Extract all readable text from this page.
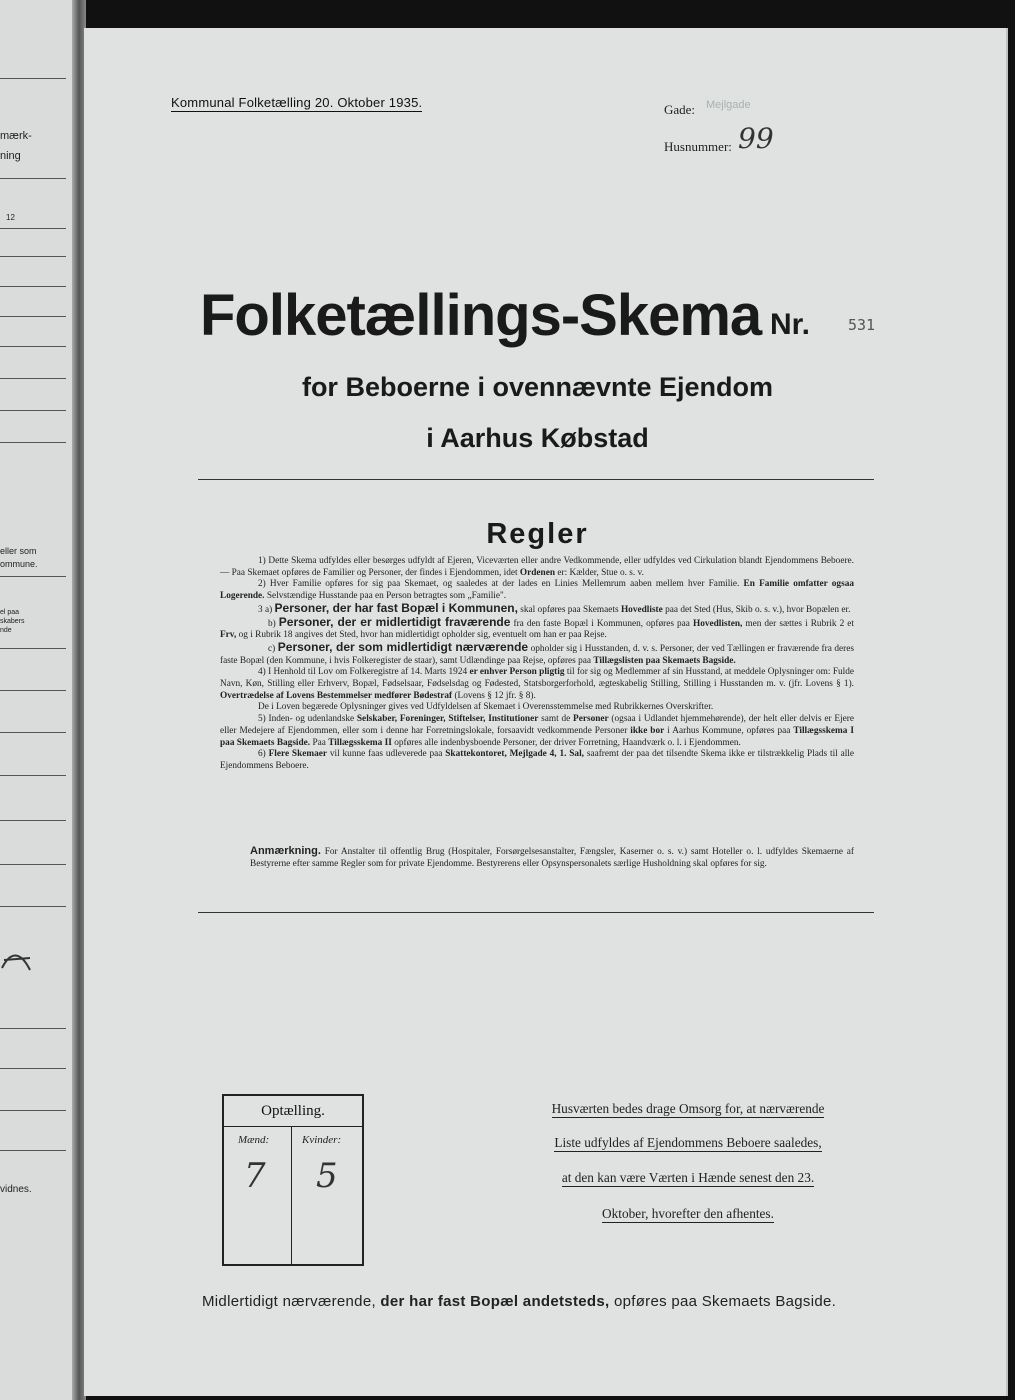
mærk-
ning
12
eller som
ommune.
el paa
skabers
nde
vidnes.
Kommunal Folketælling 20. Oktober 1935.	Gade: Mejlgade
Husnummer: 99
Folketællings-Skema Nr.	531
for Beboerne i ovennævnte Ejendom
i Aarhus Købstad
Regler

1) Dette Skema udfyldes eller besørges udfyldt af Ejeren, Viceværten eller andre Vedkommende, eller udfyldes ved Cirkulation blandt Ejendommens Beboere. — Paa Skemaet opføres de Familier og Personer, der findes i Ejendommen, idet Ordenen er: Kælder, Stue o. s. v.

2) Hver Familie opføres for sig paa Skemaet, og saaledes at der lades en Linies Mellemrum aaben mellem hver Familie. En Familie omfatter ogsaa Logerende. Selvstændige Husstande paa en Person betragtes som „Familie".

3 a) Personer, der har fast Bopæl i Kommunen, skal opføres paa Skemaets Hovedliste paa det Sted (Hus, Skib o. s. v.), hvor Bopælen er.

b) Personer, der er midlertidigt fraværende fra den faste Bopæl i Kommunen, opføres paa Hovedlisten, men der sættes i Rubrik 2 et Frv, og i Rubrik 18 angives det Sted, hvor han midlertidigt opholder sig, eventuelt om han er paa Rejse.

c) Personer, der som midlertidigt nærværende opholder sig i Husstanden, d. v. s. Personer, der ved Tællingen er fraværende fra deres faste Bopæl (den Kommune, i hvis Folkeregister de staar), samt Udlændinge paa Rejse, opføres paa Tillægslisten paa Skemaets Bagside.

4) I Henhold til Lov om Folkeregistre af 14. Marts 1924 er enhver Person pligtig til for sig og Medlemmer af sin Husstand, at meddele Oplysninger om: Fulde Navn, Køn, Stilling eller Erhverv, Bopæl, Fødselsaar, Fødselsdag og Fødested, Statsborgerforhold, ægteskabelig Stilling, Stilling i Husstanden m. v. (jfr. Lovens § 1). Overtrædelse af Lovens Bestemmelser medfører Bødestraf (Lovens § 12 jfr. § 8).

De i Loven begærede Oplysninger gives ved Udfyldelsen af Skemaet i Overensstemmelse med Rubrikkernes Overskrifter.

5) Inden- og udenlandske Selskaber, Foreninger, Stiftelser, Institutioner samt de Personer (ogsaa i Udlandet hjemmehørende), der helt eller delvis er Ejere eller Medejere af Ejendommen, eller som i denne har Forretningslokale, forsaavidt vedkommende Personer ikke bor i Aarhus Kommune, opføres paa Tillægsskema I paa Skemaets Bagside. Paa Tillægsskema II opføres alle indenbysboende Personer, der driver Forretning, Haandværk o. l. i Ejendommen.

6) Flere Skemaer vil kunne faas udleverede paa Skattekontoret, Mejlgade 4, 1. Sal, saafremt der paa det tilsendte Skema ikke er tilstrækkelig Plads til alle Ejendommens Beboere.

Anmærkning. For Anstalter til offentlig Brug (Hospitaler, Forsørgelsesanstalter, Fængsler, Kaserner o. s. v.) samt Hoteller o. l. udfyldes Skemaerne af Bestyrerne efter samme Regler som for private Ejendomme. Bestyrerens eller Opsynspersonalets særlige Husholdning skal opføres for sig.
Optælling.
Mænd:	Kvinder:
7 5
Husværten bedes drage Omsorg for, at nærværende
Liste udfyldes af Ejendommens Beboere saaledes,
at den kan være Værten i Hænde senest den 23.
Oktober, hvorefter den afhentes.
Midlertidigt nærværende, der har fast Bopæl andetsteds, opføres paa Skemaets Bagside.
